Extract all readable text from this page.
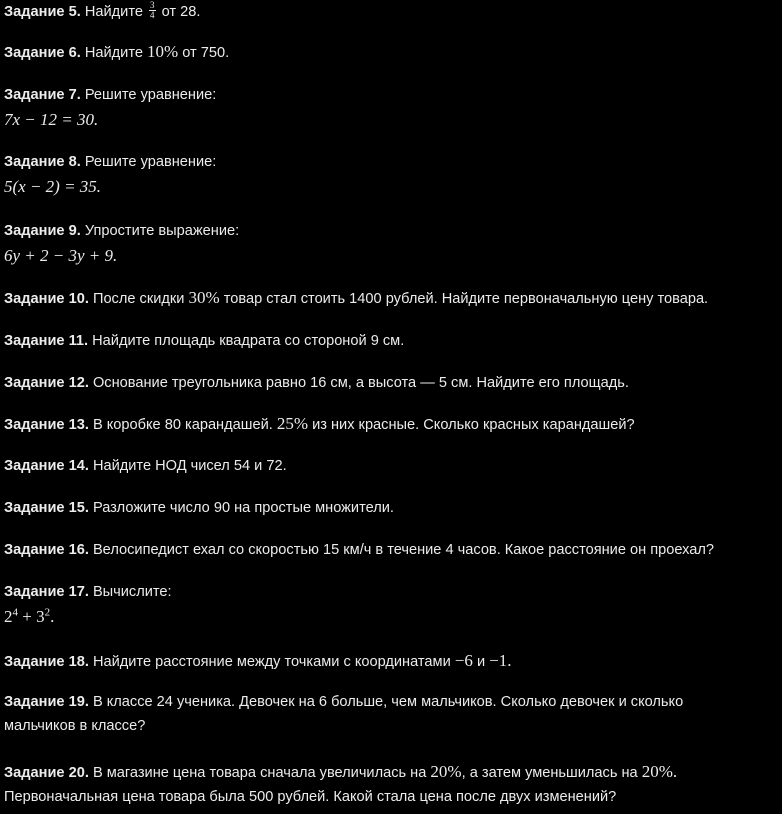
Задание 5. Найдите $\frac{3}{4}$ от 28.
Задание 6. Найдите 10% от 750.
Задание 7. Решите уравнение:
7x − 12 = 30.
Задание 8. Решите уравнение:
5(x − 2) = 35.
Задание 9. Упростите выражение:
6y + 2 − 3y + 9.
Задание 10. После скидки 30% товар стал стоить 1400 рублей. Найдите первоначальную цену товара.
Задание 11. Найдите площадь квадрата со стороной 9 см.
Задание 12. Основание треугольника равно 16 см, а высота — 5 см. Найдите его площадь.
Задание 13. В коробке 80 карандашей. 25% из них красные. Сколько красных карандашей?
Задание 14. Найдите НОД чисел 54 и 72.
Задание 15. Разложите число 90 на простые множители.
Задание 16. Велосипедист ехал со скоростью 15 км/ч в течение 4 часов. Какое расстояние он проехал?
Задание 17. Вычислите:
$2^4 + 3^2$.
Задание 18. Найдите расстояние между точками с координатами −6 и −1.
Задание 19. В классе 24 ученика. Девочек на 6 больше, чем мальчиков. Сколько девочек и сколько
мальчиков в классе?
Задание 20. В магазине цена товара сначала увеличилась на 20%, а затем уменьшилась на 20%.
Первоначальная цена товара была 500 рублей. Какой стала цена после двух изменений?
